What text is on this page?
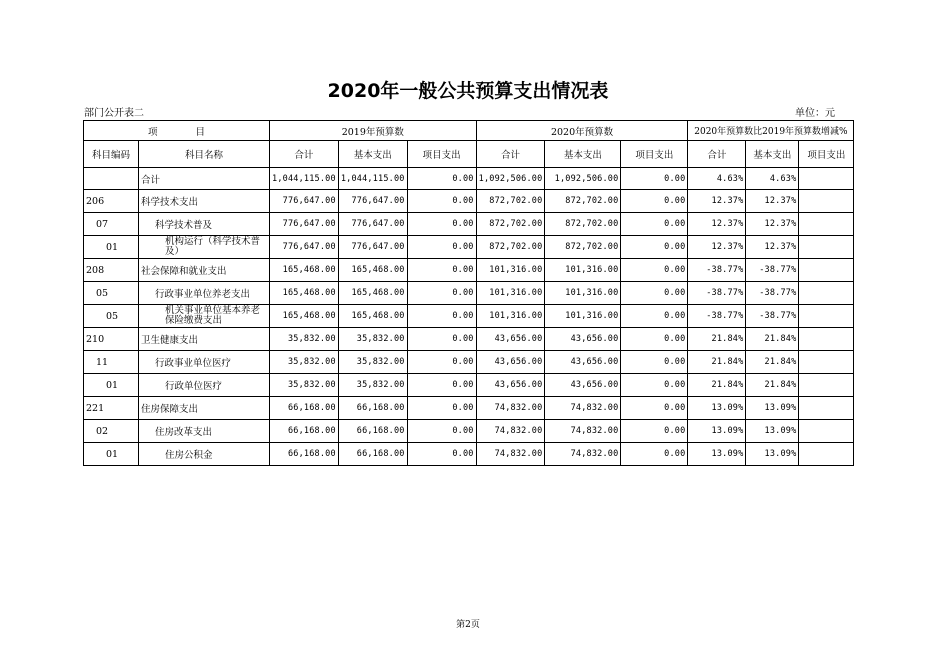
2020年一般公共预算支出情况表
部门公开表二	单位：元
项　　　　目		2019年预算数			2020年预算数			2020年预算数比2019年预算数增减%		
科目编码	科目名称	合计	基本支出	项目支出	合计	基本支出	项目支出	合计	基本支出	项目支出
	合计	1,044,115.00	1,044,115.00	0.00	1,092,506.00	1,092,506.00	0.00	4.63%	4.63%	
206	科学技术支出	776,647.00	776,647.00	0.00	872,702.00	872,702.00	0.00	12.37%	12.37%	
07	科学技术普及	776,647.00	776,647.00	0.00	872,702.00	872,702.00	0.00	12.37%	12.37%	
01	机构运行（科学技术普及）	776,647.00	776,647.00	0.00	872,702.00	872,702.00	0.00	12.37%	12.37%	
208	社会保障和就业支出	165,468.00	165,468.00	0.00	101,316.00	101,316.00	0.00	-38.77%	-38.77%	
05	行政事业单位养老支出	165,468.00	165,468.00	0.00	101,316.00	101,316.00	0.00	-38.77%	-38.77%	
05	机关事业单位基本养老保险缴费支出	165,468.00	165,468.00	0.00	101,316.00	101,316.00	0.00	-38.77%	-38.77%	
210	卫生健康支出	35,832.00	35,832.00	0.00	43,656.00	43,656.00	0.00	21.84%	21.84%	
11	行政事业单位医疗	35,832.00	35,832.00	0.00	43,656.00	43,656.00	0.00	21.84%	21.84%	
01	行政单位医疗	35,832.00	35,832.00	0.00	43,656.00	43,656.00	0.00	21.84%	21.84%	
221	住房保障支出	66,168.00	66,168.00	0.00	74,832.00	74,832.00	0.00	13.09%	13.09%	
02	住房改革支出	66,168.00	66,168.00	0.00	74,832.00	74,832.00	0.00	13.09%	13.09%	
01	住房公积金	66,168.00	66,168.00	0.00	74,832.00	74,832.00	0.00	13.09%	13.09%	
第2页
